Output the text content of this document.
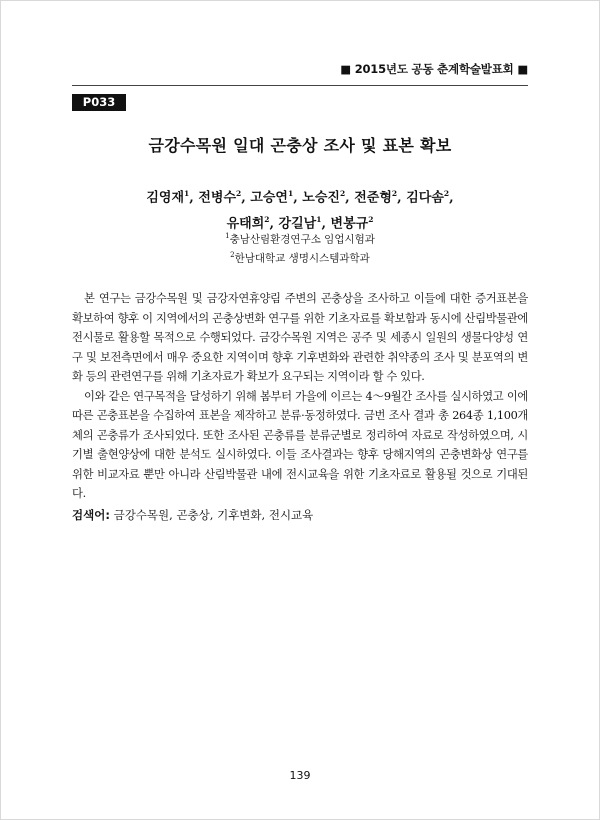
■ 2015년도 공동 춘계학술발표회 ■
P033
금강수목원 일대 곤충상 조사 및 표본 확보
김영재$^1$, 전병수$^2$, 고승연$^1$, 노승진$^2$, 전준형$^2$, 김다솜$^2$,
유태희$^2$, 강길남$^1$, 변봉규$^2$
$^1$충남산림환경연구소 임업시험과
$^2$한남대학교 생명시스템과학과

본 연구는 금강수목원 및 금강자연휴양림 주변의 곤충상을 조사하고 이들에 대한 증거표본을 확보하여 향후 이 지역에서의 곤충상변화 연구를 위한 기초자료를 확보함과 동시에 산림박물관에 전시물로 활용할 목적으로 수행되었다. 금강수목원 지역은 공주 및 세종시 일원의 생물다양성 연구 및 보전측면에서 매우 중요한 지역이며 향후 기후변화와 관련한 취약종의 조사 및 분포역의 변화 등의 관련연구를 위해 기초자료가 확보가 요구되는 지역이라 할 수 있다.

이와 같은 연구목적을 달성하기 위해 봄부터 가을에 이르는 4～9월간 조사를 실시하였고 이에 따른 곤충표본을 수집하여 표본을 제작하고 분류·동정하였다. 금번 조사 결과 총 264종 1,100개체의 곤충류가 조사되었다. 또한 조사된 곤충류를 분류군별로 정리하여 자료로 작성하였으며, 시기별 출현양상에 대한 분석도 실시하였다. 이들 조사결과는 향후 당해지역의 곤충변화상 연구를 위한 비교자료 뿐만 아니라 산림박물관 내에 전시교육을 위한 기초자료로 활용될 것으로 기대된다.

검색어: 금강수목원, 곤충상, 기후변화, 전시교육
139
